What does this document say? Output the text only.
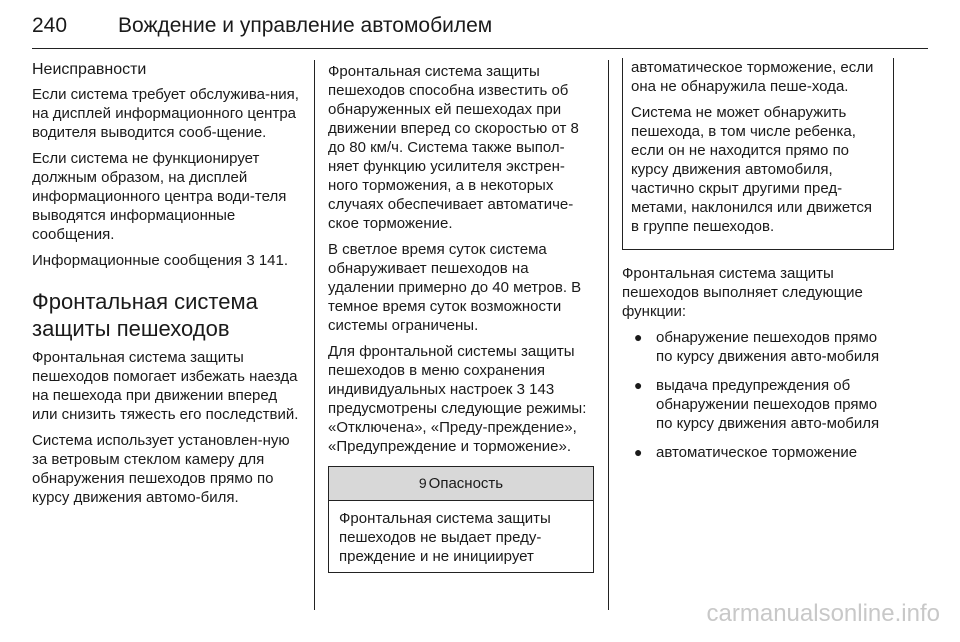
240 Вождение и управление автомобилем

Неисправности

Если система требует обслужива-ния, на дисплей информационного центра водителя выводится сооб-щение.

Если система не функционирует должным образом, на дисплей информационного центра води-теля выводятся информационные сообщения.

Информационные сообщения 3 141.

Фронтальная система защиты пешеходов

Фронтальная система защиты пешеходов помогает избежать наезда на пешехода при движении вперед или снизить тяжесть его последствий.

Система использует установлен-ную за ветровым стеклом камеру для обнаружения пешеходов прямо по курсу движения автомо-биля.

Фронтальная система защиты пешеходов способна известить об обнаруженных ей пешеходах при движении вперед со скоростью от 8 до 80 км/ч. Система также выпол-няет функцию усилителя экстрен-ного торможения, а в некоторых случаях обеспечивает автоматиче-ское торможение.

В светлое время суток система обнаруживает пешеходов на удалении примерно до 40 метров. В темное время суток возможности системы ограничены.

Для фронтальной системы защиты пешеходов в меню сохранения индивидуальных настроек 3 143 предусмотрены следующие режимы: «Отключена», «Преду-преждение», «Предупреждение и торможение».

9 Опасность
Фронтальная система защиты пешеходов не выдает преду-преждение и не инициирует

автоматическое торможение, если она не обнаружила пеше-хода.

Система не может обнаружить пешехода, в том числе ребенка, если он не находится прямо по курсу движения автомобиля, частично скрыт другими пред-метами, наклонился или движется в группе пешеходов.

Фронтальная система защиты пешеходов выполняет следующие функции:

● обнаружение пешеходов прямо по курсу движения авто-мобиля
● выдача предупреждения об обнаружении пешеходов прямо по курсу движения авто-мобиля
● автоматическое торможение
carmanualsonline.info
